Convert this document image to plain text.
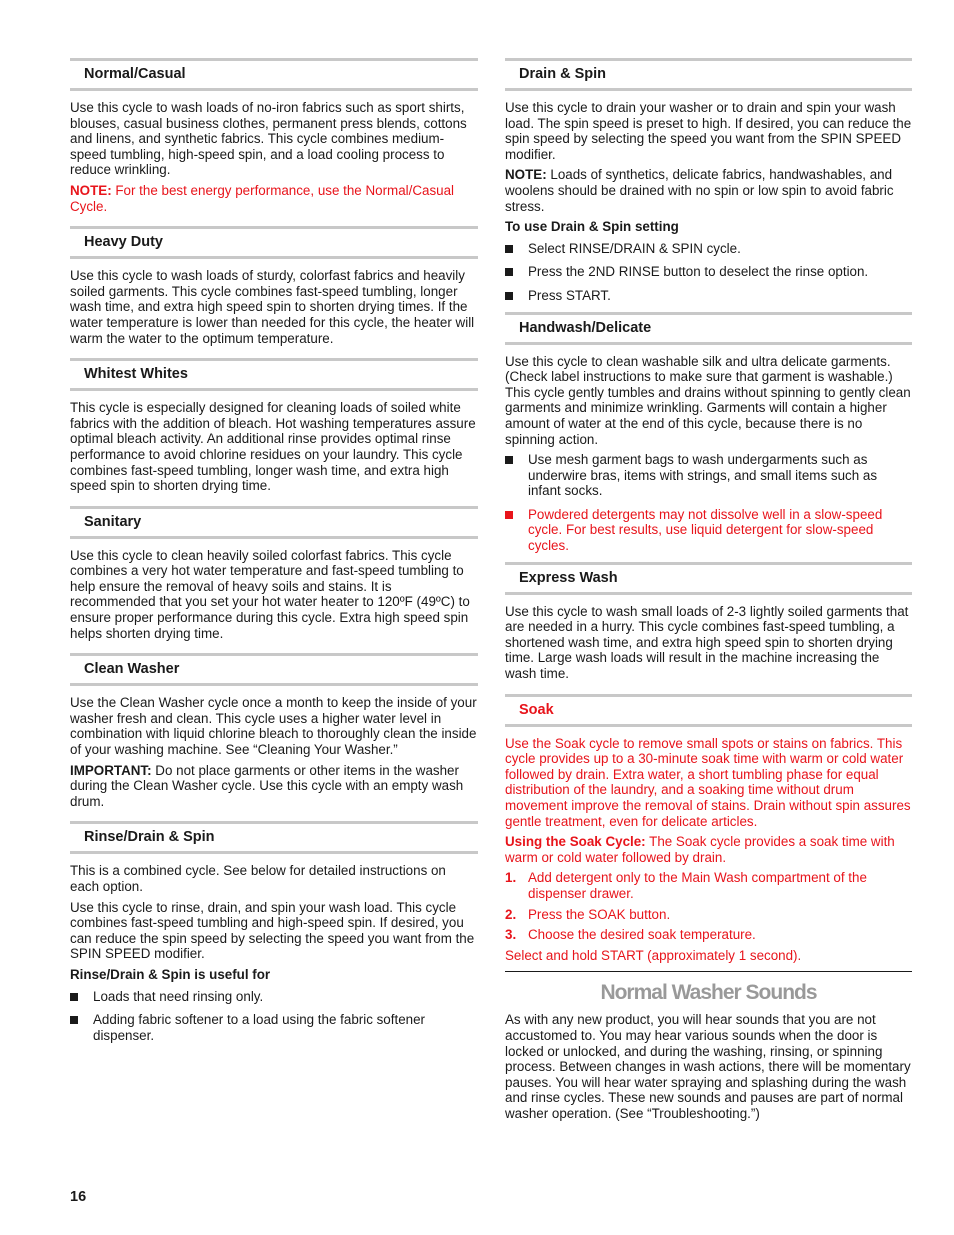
Normal/Casual

Use this cycle to wash loads of no-iron fabrics such as sport shirts, blouses, casual business clothes, permanent press blends, cottons and linens, and synthetic fabrics. This cycle combines medium-speed tumbling, high-speed spin, and a load cooling process to reduce wrinkling.

NOTE: For the best energy performance, use the Normal/Casual Cycle.

Heavy Duty

Use this cycle to wash loads of sturdy, colorfast fabrics and heavily soiled garments. This cycle combines fast-speed tumbling, longer wash time, and extra high speed spin to shorten drying times. If the water temperature is lower than needed for this cycle, the heater will warm the water to the optimum temperature.

Whitest Whites

This cycle is especially designed for cleaning loads of soiled white fabrics with the addition of bleach. Hot washing temperatures assure optimal bleach activity. An additional rinse provides optimal rinse performance to avoid chlorine residues on your laundry. This cycle combines fast-speed tumbling, longer wash time, and extra high speed spin to shorten drying time.

Sanitary

Use this cycle to clean heavily soiled colorfast fabrics. This cycle combines a very hot water temperature and fast-speed tumbling to help ensure the removal of heavy soils and stains. It is recommended that you set your hot water heater to 120ºF (49ºC) to ensure proper performance during this cycle. Extra high speed spin helps shorten drying time.

Clean Washer

Use the Clean Washer cycle once a month to keep the inside of your washer fresh and clean. This cycle uses a higher water level in combination with liquid chlorine bleach to thoroughly clean the inside of your washing machine. See “Cleaning Your Washer.”

IMPORTANT: Do not place garments or other items in the washer during the Clean Washer cycle. Use this cycle with an empty wash drum.

Rinse/Drain & Spin

This is a combined cycle. See below for detailed instructions on each option.

Use this cycle to rinse, drain, and spin your wash load. This cycle combines fast-speed tumbling and high-speed spin. If desired, you can reduce the spin speed by selecting the speed you want from the SPIN SPEED modifier.

Rinse/Drain & Spin is useful for

Loads that need rinsing only.
Adding fabric softener to a load using the fabric softener dispenser.
Drain & Spin

Use this cycle to drain your washer or to drain and spin your wash load. The spin speed is preset to high. If desired, you can reduce the spin speed by selecting the speed you want from the SPIN SPEED modifier.

NOTE: Loads of synthetics, delicate fabrics, handwashables, and woolens should be drained with no spin or low spin to avoid fabric stress.

To use Drain & Spin setting

Select RINSE/DRAIN & SPIN cycle.
Press the 2ND RINSE button to deselect the rinse option.
Press START.
Handwash/Delicate

Use this cycle to clean washable silk and ultra delicate garments. (Check label instructions to make sure that garment is washable.) This cycle gently tumbles and drains without spinning to gently clean garments and minimize wrinkling. Garments will contain a higher amount of water at the end of this cycle, because there is no spinning action.

Use mesh garment bags to wash undergarments such as underwire bras, items with strings, and small items such as infant socks.
Powdered detergents may not dissolve well in a slow-speed cycle. For best results, use liquid detergent for slow-speed cycles.
Express Wash

Use this cycle to wash small loads of 2-3 lightly soiled garments that are needed in a hurry. This cycle combines fast-speed tumbling, a shortened wash time, and extra high speed spin to shorten drying time. Large wash loads will result in the machine increasing the wash time.

Soak

Use the Soak cycle to remove small spots or stains on fabrics. This cycle provides up to a 30-minute soak time with warm or cold water followed by drain. Extra water, a short tumbling phase for equal distribution of the laundry, and a soaking time without drum movement improve the removal of stains. Drain without spin assures gentle treatment, even for delicate articles.

Using the Soak Cycle: The Soak cycle provides a soak time with warm or cold water followed by drain.

1. Add detergent only to the Main Wash compartment of the dispenser drawer.
2. Press the SOAK button.
3. Choose the desired soak temperature.

Select and hold START (approximately 1 second).

Normal Washer Sounds

As with any new product, you will hear sounds that you are not accustomed to. You may hear various sounds when the door is locked or unlocked, and during the washing, rinsing, or spinning process. Between changes in wash actions, there will be momentary pauses. You will hear water spraying and splashing during the wash and rinse cycles. These new sounds and pauses are part of normal washer operation. (See “Troubleshooting.”)

16
